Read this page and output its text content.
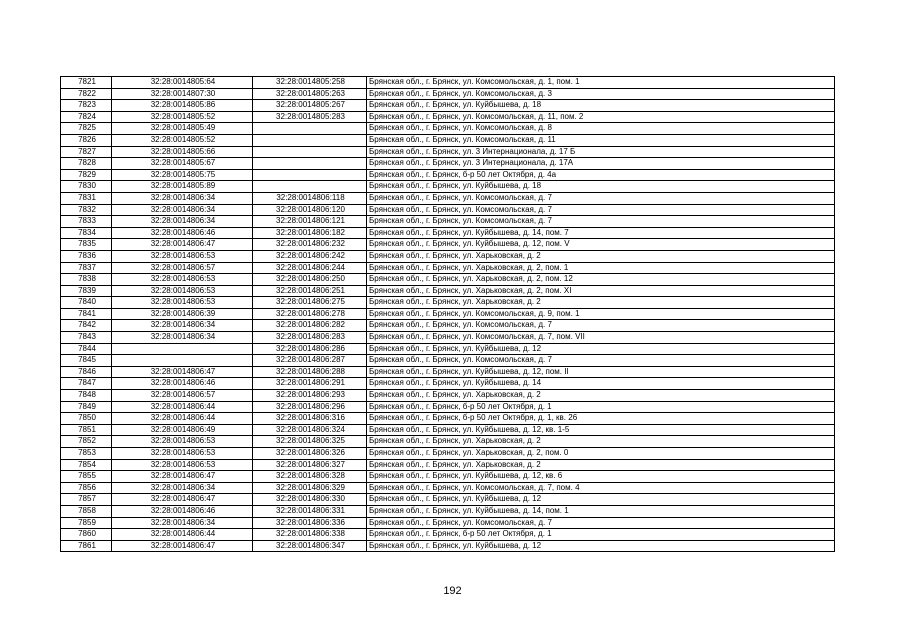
7821	32:28:0014805:64	32:28:0014805:258	Брянская обл., г. Брянск, ул. Комсомольская, д. 1, пом. 1
7822	32:28:0014807:30	32:28:0014805:263	Брянская обл., г. Брянск, ул. Комсомольская, д. 3
7823	32:28:0014805:86	32:28:0014805:267	Брянская обл., г. Брянск, ул. Куйбышева, д. 18
7824	32:28:0014805:52	32:28:0014805:283	Брянская обл., г. Брянск, ул. Комсомольская, д. 11, пом. 2
7825	32:28:0014805:49		Брянская обл., г. Брянск, ул. Комсомольская, д. 8
7826	32:28:0014805:52		Брянская обл., г. Брянск, ул. Комсомольская, д. 11
7827	32:28:0014805:66		Брянская обл., г. Брянск, ул. 3 Интернационала, д. 17 Б
7828	32:28:0014805:67		Брянская обл., г. Брянск, ул. 3 Интернационала, д. 17А
7829	32:28:0014805:75		Брянская обл., г. Брянск, б-р 50 лет Октября, д. 4а
7830	32:28:0014805:89		Брянская обл., г. Брянск, ул. Куйбышева, д. 18
7831	32:28:0014806:34	32:28:0014806:118	Брянская обл., г. Брянск, ул. Комсомольская, д. 7
7832	32:28:0014806:34	32:28:0014806:120	Брянская обл., г. Брянск, ул. Комсомольская, д. 7
7833	32:28:0014806:34	32:28:0014806:121	Брянская обл., г. Брянск, ул. Комсомольская, д. 7
7834	32:28:0014806:46	32:28:0014806:182	Брянская обл., г. Брянск, ул. Куйбышева, д. 14, пом. 7
7835	32:28:0014806:47	32:28:0014806:232	Брянская обл., г. Брянск, ул. Куйбышева, д. 12, пом. V
7836	32:28:0014806:53	32:28:0014806:242	Брянская обл., г. Брянск, ул. Харьковская, д. 2
7837	32:28:0014806:57	32:28:0014806:244	Брянская обл., г. Брянск, ул. Харьковская, д. 2, пом. 1
7838	32:28:0014806:53	32:28:0014806:250	Брянская обл., г. Брянск, ул. Харьковская, д. 2, пом. 12
7839	32:28:0014806:53	32:28:0014806:251	Брянская обл., г. Брянск, ул. Харьковская, д. 2, пом. XI
7840	32:28:0014806:53	32:28:0014806:275	Брянская обл., г. Брянск, ул. Харьковская, д. 2
7841	32:28:0014806:39	32:28:0014806:278	Брянская обл., г. Брянск, ул. Комсомольская, д. 9, пом. 1
7842	32:28:0014806:34	32:28:0014806:282	Брянская обл., г. Брянск, ул. Комсомольская, д. 7
7843	32:28:0014806:34	32:28:0014806:283	Брянская обл., г. Брянск, ул. Комсомольская, д. 7, пом. VII
7844		32:28:0014806:286	Брянская обл., г. Брянск, ул. Куйбышева, д. 12
7845		32:28:0014806:287	Брянская обл., г. Брянск, ул. Комсомольская, д. 7
7846	32:28:0014806:47	32:28:0014806:288	Брянская обл., г. Брянск, ул. Куйбышева, д. 12, пом. II
7847	32:28:0014806:46	32:28:0014806:291	Брянская обл., г. Брянск, ул. Куйбышева, д. 14
7848	32:28:0014806:57	32:28:0014806:293	Брянская обл., г. Брянск, ул. Харьковская, д. 2
7849	32:28:0014806:44	32:28:0014806:296	Брянская обл., г. Брянск, б-р 50 лет Октября, д. 1
7850	32:28:0014806:44	32:28:0014806:316	Брянская обл., г. Брянск, б-р 50 лет Октября, д. 1, кв. 26
7851	32:28:0014806:49	32:28:0014806:324	Брянская обл., г. Брянск, ул. Куйбышева, д. 12, кв. 1-5
7852	32:28:0014806:53	32:28:0014806:325	Брянская обл., г. Брянск, ул. Харьковская, д. 2
7853	32:28:0014806:53	32:28:0014806:326	Брянская обл., г. Брянск, ул. Харьковская, д. 2, пом. 0
7854	32:28:0014806:53	32:28:0014806:327	Брянская обл., г. Брянск, ул. Харьковская, д. 2
7855	32:28:0014806:47	32:28:0014806:328	Брянская обл., г. Брянск, ул. Куйбышева, д. 12, кв. 6
7856	32:28:0014806:34	32:28:0014806:329	Брянская обл., г. Брянск, ул. Комсомольская, д. 7, пом. 4
7857	32:28:0014806:47	32:28:0014806:330	Брянская обл., г. Брянск, ул. Куйбышева, д. 12
7858	32:28:0014806:46	32:28:0014806:331	Брянская обл., г. Брянск, ул. Куйбышева, д. 14, пом. 1
7859	32:28:0014806:34	32:28:0014806:336	Брянская обл., г. Брянск, ул. Комсомольская, д. 7
7860	32:28:0014806:44	32:28:0014806:338	Брянская обл., г. Брянск, б-р 50 лет Октября, д. 1
7861	32:28:0014806:47	32:28:0014806:347	Брянская обл., г. Брянск, ул. Куйбышева, д. 12
192
